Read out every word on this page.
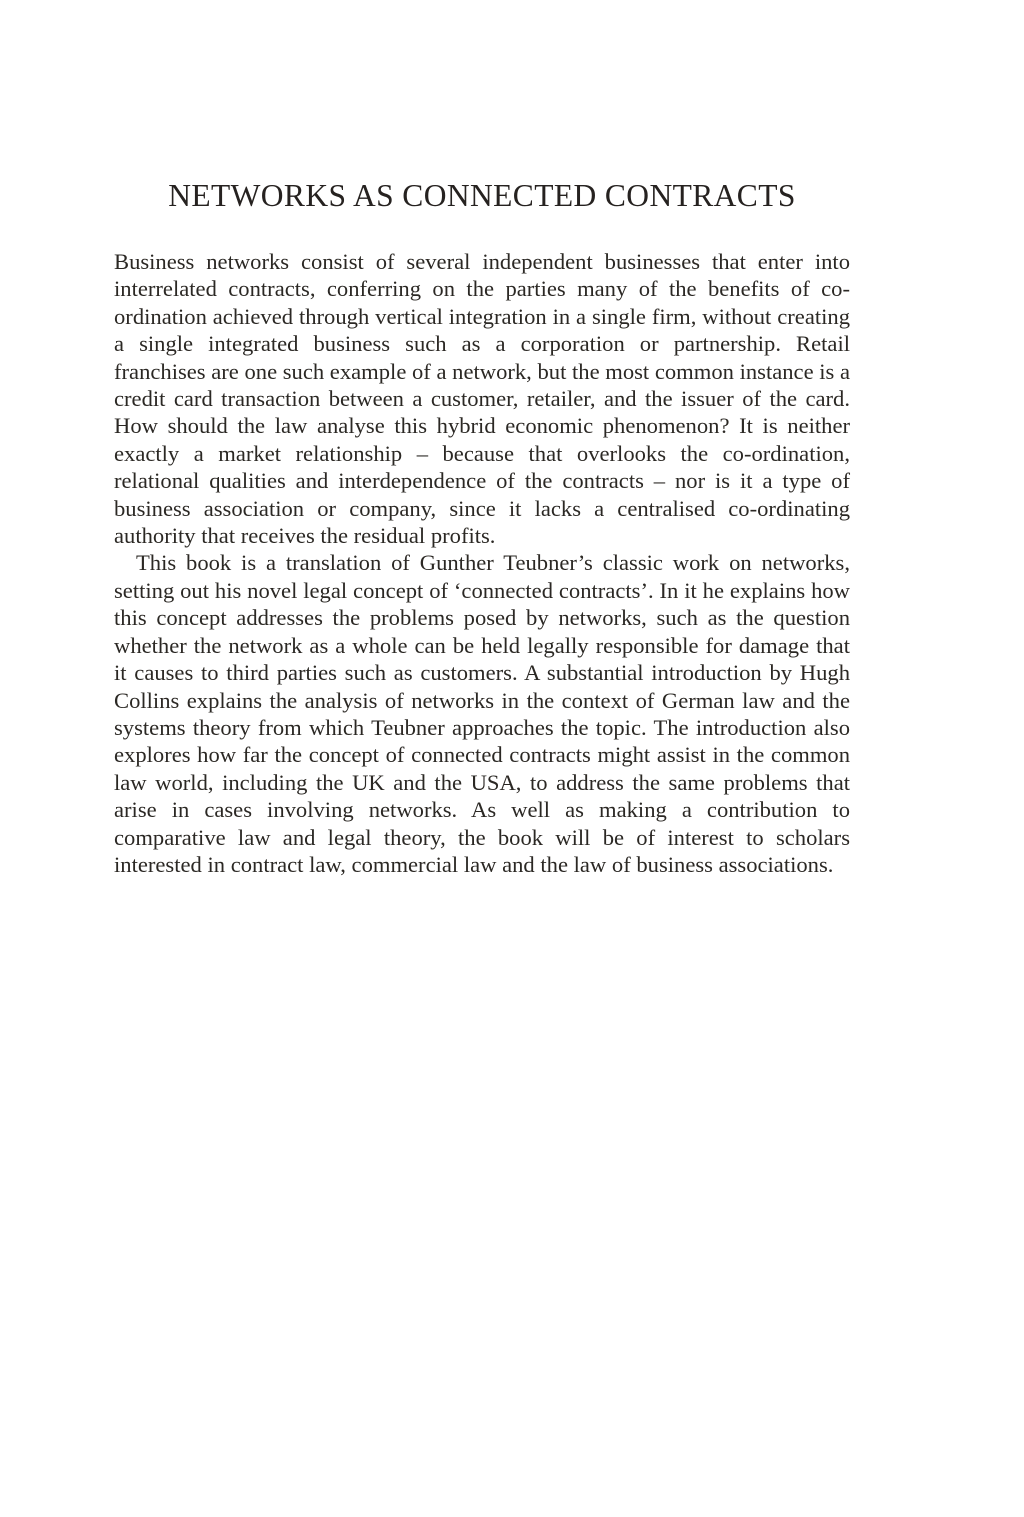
NETWORKS AS CONNECTED CONTRACTS

Business networks consist of several independent businesses that enter into interrelated contracts, conferring on the parties many of the benefits of co-ordination achieved through vertical integration in a single firm, without creating a single integrated business such as a corporation or partnership. Retail franchises are one such example of a network, but the most common instance is a credit card transaction between a customer, retailer, and the issuer of the card. How should the law analyse this hybrid economic phenomenon? It is neither exactly a market relationship – because that overlooks the co-ordination, relational qualities and interdependence of the contracts – nor is it a type of business association or company, since it lacks a centralised co-ordinating authority that receives the residual profits.

This book is a translation of Gunther Teubner’s classic work on networks, setting out his novel legal concept of ‘connected contracts’. In it he explains how this concept addresses the problems posed by networks, such as the question whether the network as a whole can be held legally responsible for damage that it causes to third parties such as customers. A substantial introduction by Hugh Collins explains the analysis of networks in the context of German law and the systems theory from which Teubner approaches the topic. The introduction also explores how far the concept of connected contracts might assist in the common law world, including the UK and the USA, to address the same problems that arise in cases involving networks. As well as making a contribution to comparative law and legal theory, the book will be of interest to scholars interested in contract law, commercial law and the law of business associations.
